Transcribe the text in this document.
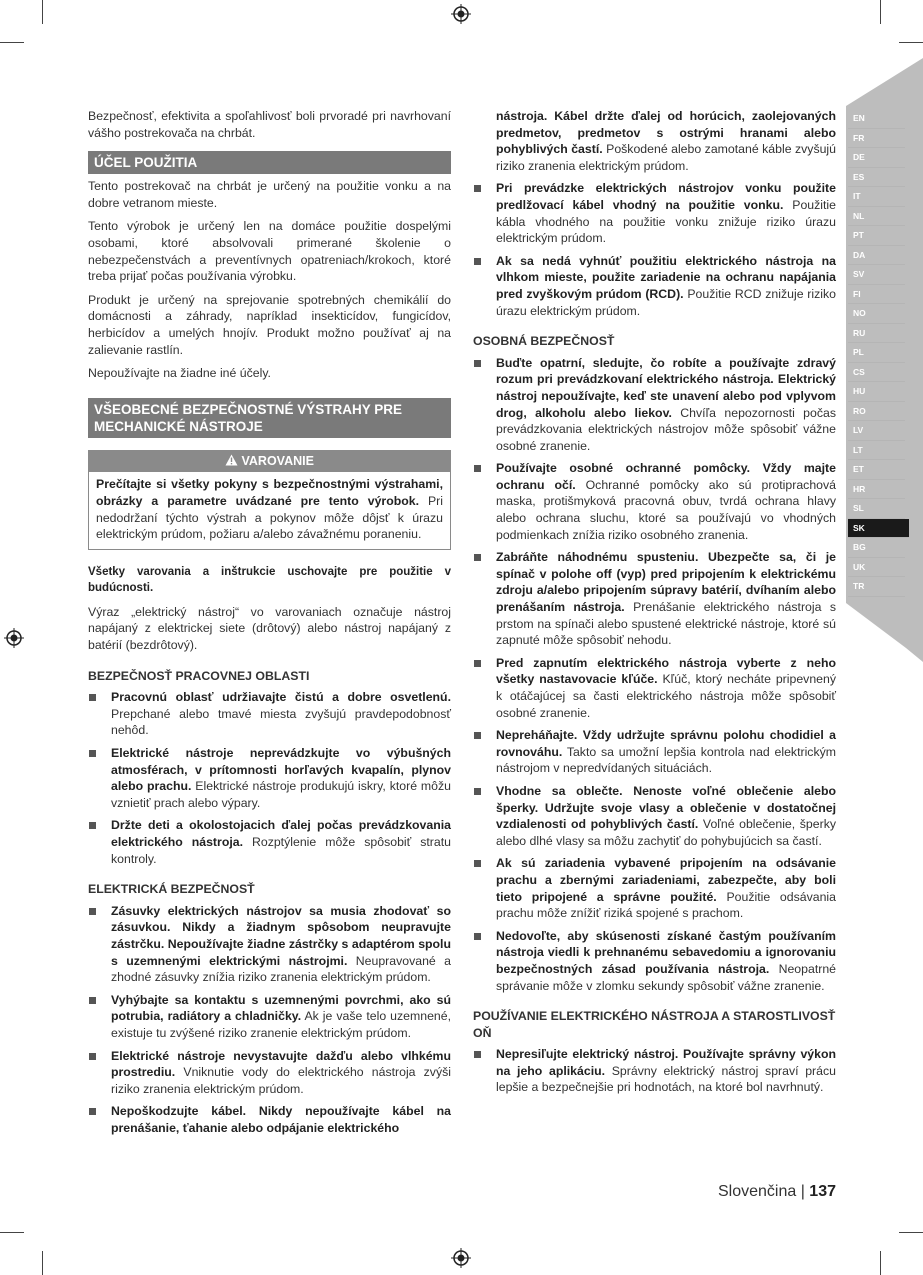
EN
FR
DE
ES
IT
NL
PT
DA
SV
FI
NO
RU
PL
CS
HU
RO
LV
LT
ET
HR
SL
SK
BG
UK
TR

Bezpečnosť, efektivita a spoľahlivosť boli prvoradé pri navrhovaní vášho postrekovača na chrbát.

ÚČEL POUŽITIA

Tento postrekovač na chrbát je určený na použitie vonku a na dobre vetranom mieste.

Tento výrobok je určený len na domáce použitie dospelými osobami, ktoré absolvovali primerané školenie o nebezpečenstvách a preventívnych opatreniach/krokoch, ktoré treba prijať počas používania výrobku.

Produkt je určený na sprejovanie spotrebných chemikálií do domácnosti a záhrady, napríklad insekticídov, fungicídov, herbicídov a umelých hnojív. Produkt možno používať aj na zalievanie rastlín.

Nepoužívajte na žiadne iné účely.

VŠEOBECNÉ BEZPEČNOSTNÉ VÝSTRAHY PRE MECHANICKÉ NÁSTROJE
VAROVANIE
Prečítajte si všetky pokyny s bezpečnostnými výstrahami, obrázky a parametre uvádzané pre tento výrobok. Pri nedodržaní týchto výstrah a pokynov môže dôjsť k úrazu elektrickým prúdom, požiaru a/alebo závažnému poraneniu.

Všetky varovania a inštrukcie uschovajte pre použitie v budúcnosti.

Výraz „elektrický nástroj“ vo varovaniach označuje nástroj napájaný z elektrickej siete (drôtový) alebo nástroj napájaný z batérií (bezdrôtový).

BEZPEČNOSŤ PRACOVNEJ OBLASTI
Pracovnú oblasť udržiavajte čistú a dobre osvetlenú. Prepchané alebo tmavé miesta zvyšujú pravdepodobnosť nehôd.
Elektrické nástroje neprevádzkujte vo výbušných atmosférach, v prítomnosti horľavých kvapalín, plynov alebo prachu. Elektrické nástroje produkujú iskry, ktoré môžu vznietiť prach alebo výpary.
Držte deti a okolostojacich ďalej počas prevádzkovania elektrického nástroja. Rozptýlenie môže spôsobiť stratu kontroly.
ELEKTRICKÁ BEZPEČNOSŤ
Zásuvky elektrických nástrojov sa musia zhodovať so zásuvkou. Nikdy a žiadnym spôsobom neupravujte zástrčku. Nepoužívajte žiadne zástrčky s adaptérom spolu s uzemnenými elektrickými nástrojmi. Neupravované a zhodné zásuvky znížia riziko zranenia elektrickým prúdom.
Vyhýbajte sa kontaktu s uzemnenými povrchmi, ako sú potrubia, radiátory a chladničky. Ak je vaše telo uzemnené, existuje tu zvýšené riziko zranenie elektrickým prúdom.
Elektrické nástroje nevystavujte dažďu alebo vlhkému prostrediu. Vniknutie vody do elektrického nástroja zvýši riziko zranenia elektrickým prúdom.
Nepoškodzujte kábel. Nikdy nepoužívajte kábel na prenášanie, ťahanie alebo odpájanie elektrického
nástroja. Kábel držte ďalej od horúcich, zaolejovaných predmetov, predmetov s ostrými hranami alebo pohyblivých častí. Poškodené alebo zamotané káble zvyšujú riziko zranenia elektrickým prúdom.
Pri prevádzke elektrických nástrojov vonku použite predlžovací kábel vhodný na použitie vonku. Použitie kábla vhodného na použitie vonku znižuje riziko úrazu elektrickým prúdom.
Ak sa nedá vyhnúť použitiu elektrického nástroja na vlhkom mieste, použite zariadenie na ochranu napájania pred zvyškovým prúdom (RCD). Použitie RCD znižuje riziko úrazu elektrickým prúdom.
OSOBNÁ BEZPEČNOSŤ
Buďte opatrní, sledujte, čo robíte a používajte zdravý rozum pri prevádzkovaní elektrického nástroja. Elektrický nástroj nepoužívajte, keď ste unavení alebo pod vplyvom drog, alkoholu alebo liekov. Chvíľa nepozornosti počas prevádzkovania elektrických nástrojov môže spôsobiť vážne osobné zranenie.
Používajte osobné ochranné pomôcky. Vždy majte ochranu očí. Ochranné pomôcky ako sú protiprachová maska, protišmyková pracovná obuv, tvrdá ochrana hlavy alebo ochrana sluchu, ktoré sa používajú vo vhodných podmienkach znížia riziko osobného zranenia.
Zabráňte náhodnému spusteniu. Ubezpečte sa, či je spínač v polohe off (vyp) pred pripojením k elektrickému zdroju a/alebo pripojením súpravy batérií, dvíhaním alebo prenášaním nástroja. Prenášanie elektrického nástroja s prstom na spínači alebo spustené elektrické nástroje, ktoré sú zapnuté môže spôsobiť nehodu.
Pred zapnutím elektrického nástroja vyberte z neho všetky nastavovacie kľúče. Kľúč, ktorý necháte pripevnený k otáčajúcej sa časti elektrického nástroja môže spôsobiť osobné zranenie.
Nepreháňajte. Vždy udržujte správnu polohu chodidiel a rovnováhu. Takto sa umožní lepšia kontrola nad elektrickým nástrojom v nepredvídaných situáciách.
Vhodne sa oblečte. Nenoste voľné oblečenie alebo šperky. Udržujte svoje vlasy a oblečenie v dostatočnej vzdialenosti od pohyblivých častí. Voľné oblečenie, šperky alebo dlhé vlasy sa môžu zachytiť do pohybujúcich sa častí.
Ak sú zariadenia vybavené pripojením na odsávanie prachu a zbernými zariadeniami, zabezpečte, aby boli tieto pripojené a správne použité. Použitie odsávania prachu môže znížiť riziká spojené s prachom.
Nedovoľte, aby skúsenosti získané častým používaním nástroja viedli k prehnanému sebavedomiu a ignorovaniu bezpečnostných zásad používania nástroja. Neopatrné správanie môže v zlomku sekundy spôsobiť vážne zranenie.
POUŽÍVANIE ELEKTRICKÉHO NÁSTROJA A STAROSTLIVOSŤ OŇ
Nepresiľujte elektrický nástroj. Používajte správny výkon na jeho aplikáciu. Správny elektrický nástroj spraví prácu lepšie a bezpečnejšie pri hodnotách, na ktoré bol navrhnutý.
Slovenčina | 137
